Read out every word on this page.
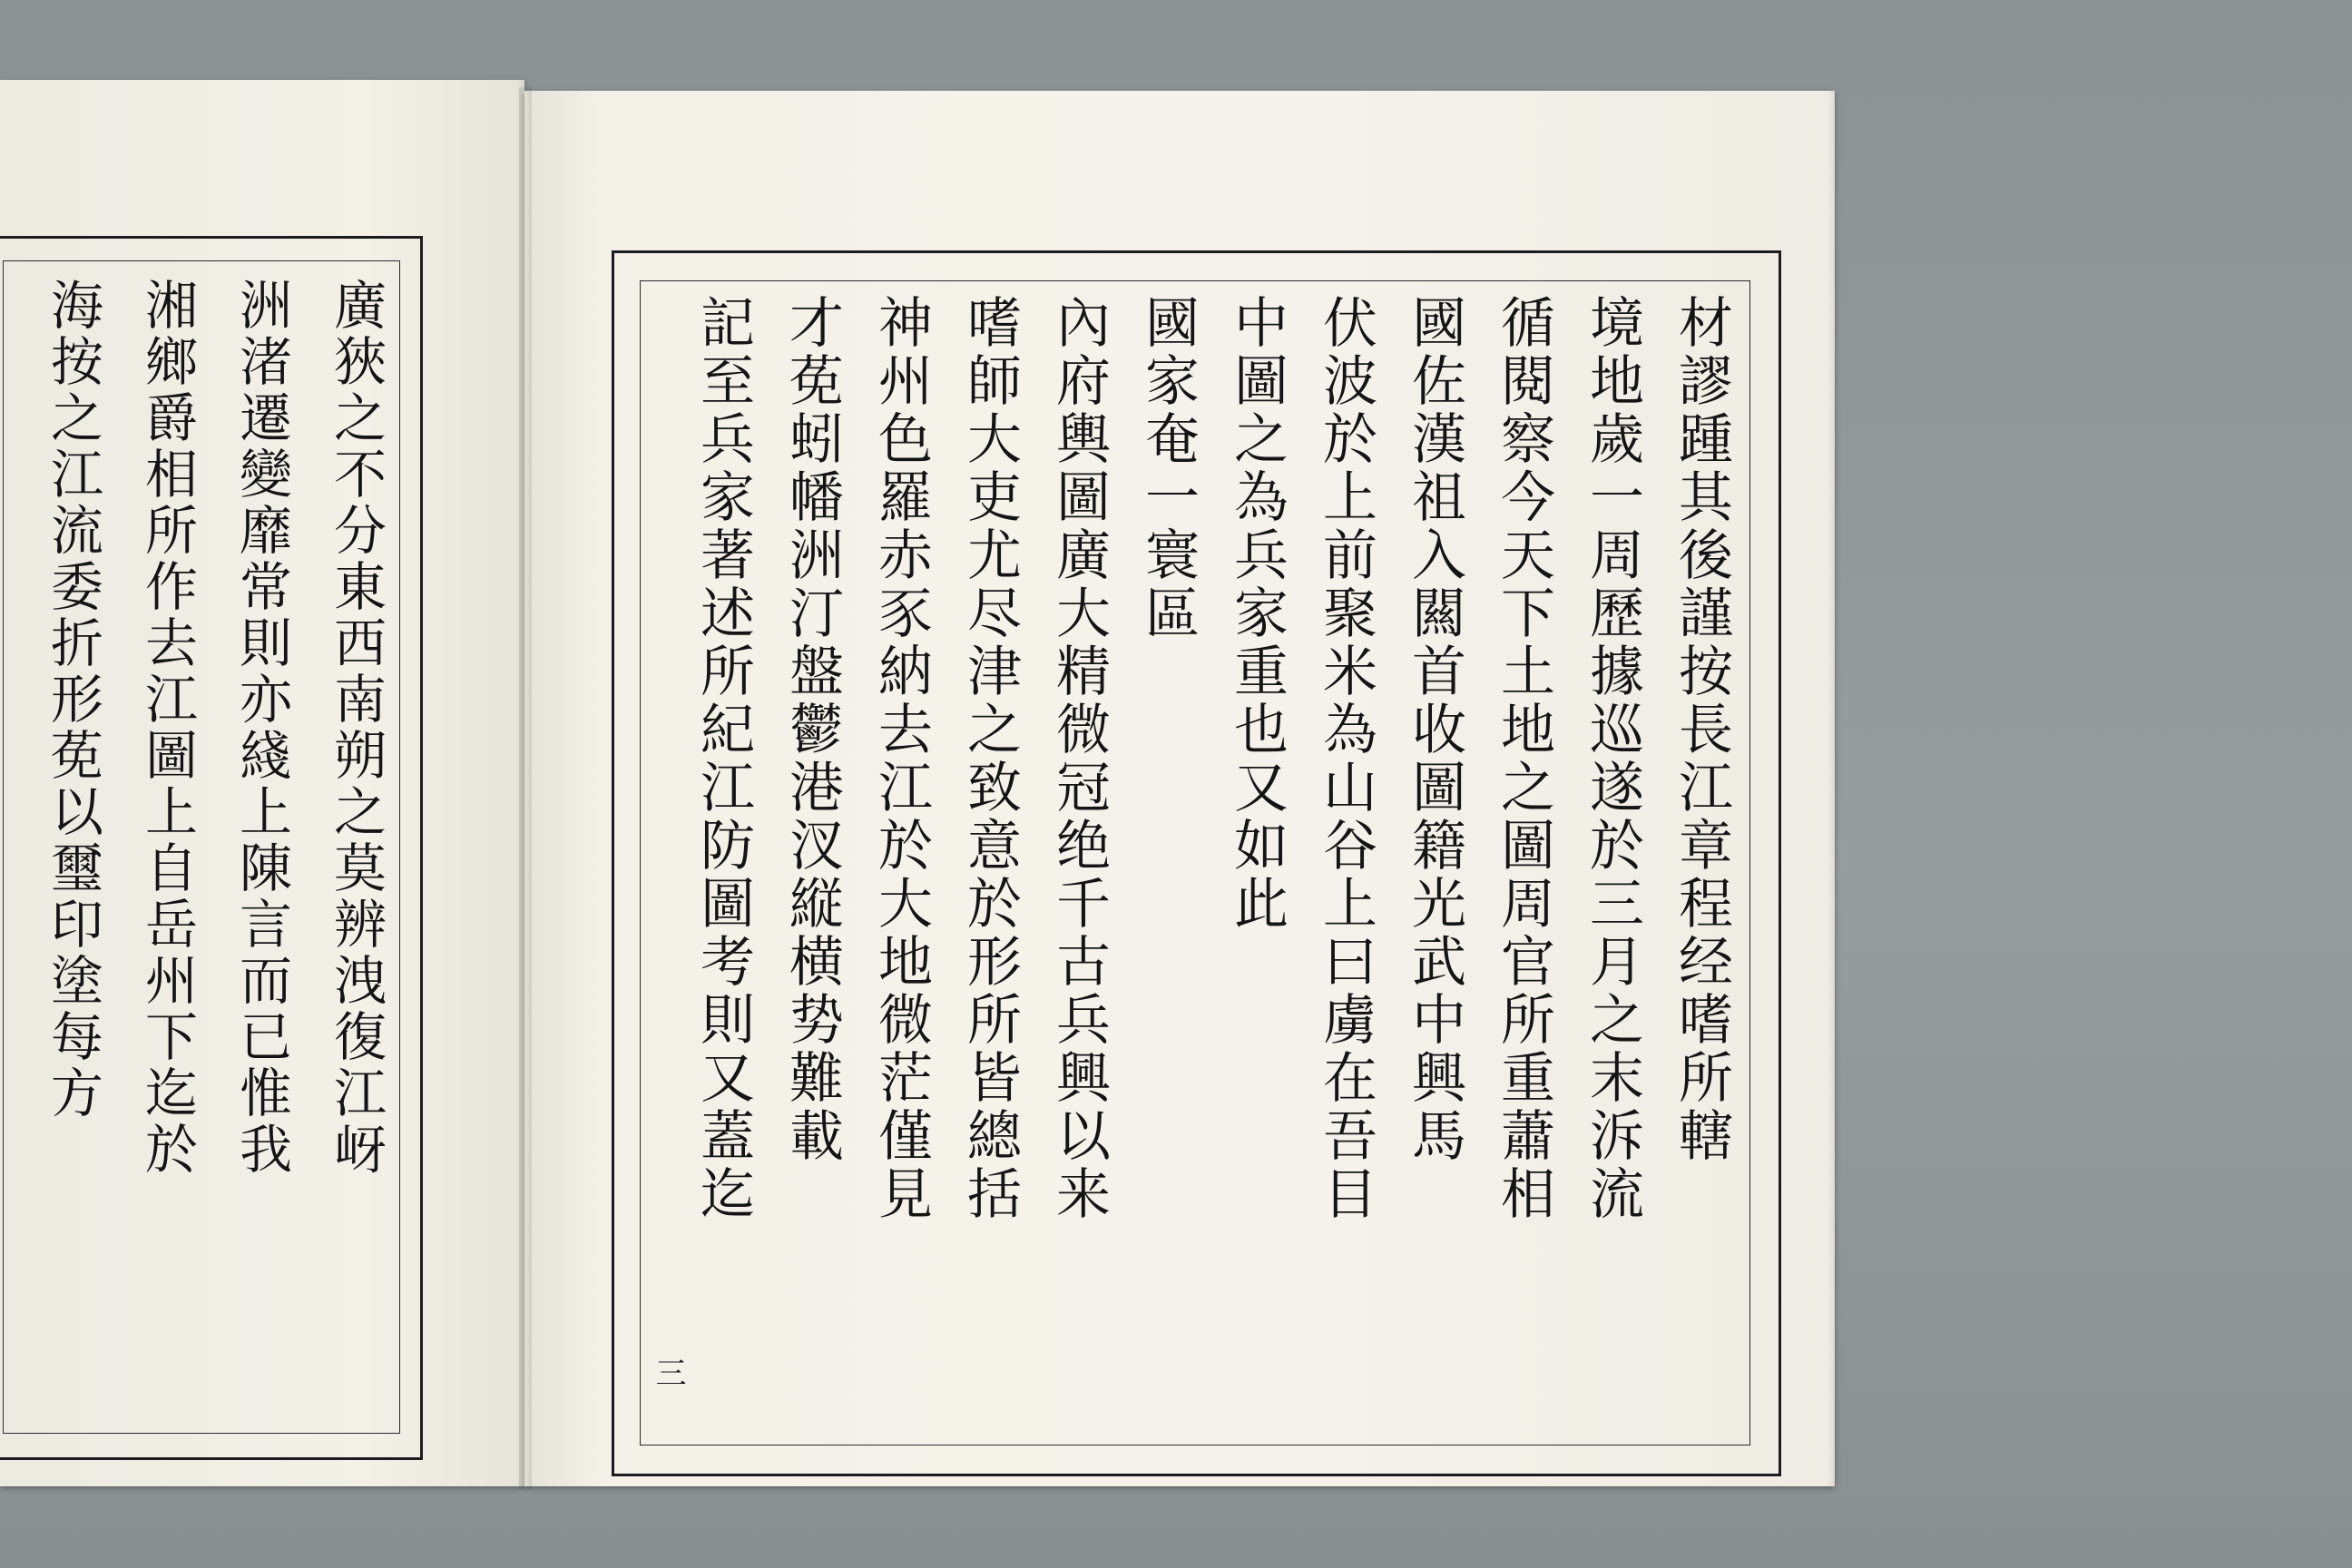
廣狹之不分東西南朔之莫辨洩復江岈
洲渚遷變靡常則亦綫上陳言而已惟我
湘鄉爵相所作去江圖上自岳州下迄於
海按之江流委折形莬以璽印塗每方	材謬踵其後謹按長江章程经嗜所轄
境地歲一周歷據巡遂於三月之末泝流
循閱察今天下土地之圖周官所重蕭相
國佐漢祖入闗首收圖籍光武中興馬
伏波於上前聚米為山谷上曰虜在吾目
中圖之為兵家重也又如此
國家奄一寰區
內府輿圖廣大精微冠绝千古兵興以来
嗜師大吏尤尽津之致意於形所皆總括
神州色羅赤豕納去江於大地微茫僅見
才莬蚓幡洲汀盤鬱港汊縦横势難載
記至兵家著述所紀江防圖考則又蓋迄
三
